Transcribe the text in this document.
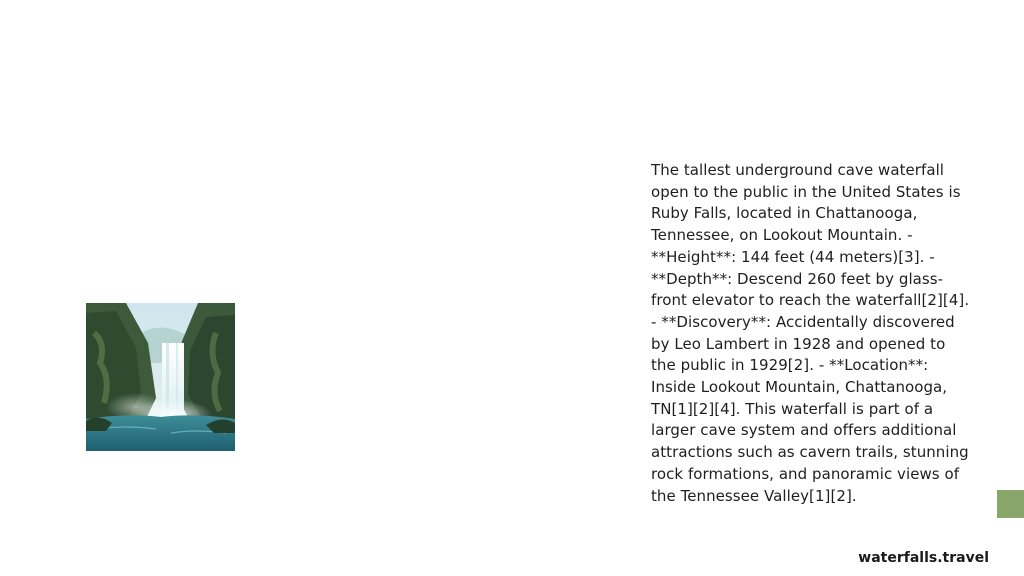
The tallest underground cave waterfall open to the public in the United States is Ruby Falls, located in Chattanooga, Tennessee, on Lookout Mountain. - **Height**: 144 feet (44 meters)[3]. - **Depth**: Descend 260 feet by glass-front elevator to reach the waterfall[2][4]. - **Discovery**: Accidentally discovered by Leo Lambert in 1928 and opened to the public in 1929[2]. - **Location**: Inside Lookout Mountain, Chattanooga, TN[1][2][4]. This waterfall is part of a larger cave system and offers additional attractions such as cavern trails, stunning rock formations, and panoramic views of the Tennessee Valley[1][2].

waterfalls.travel
